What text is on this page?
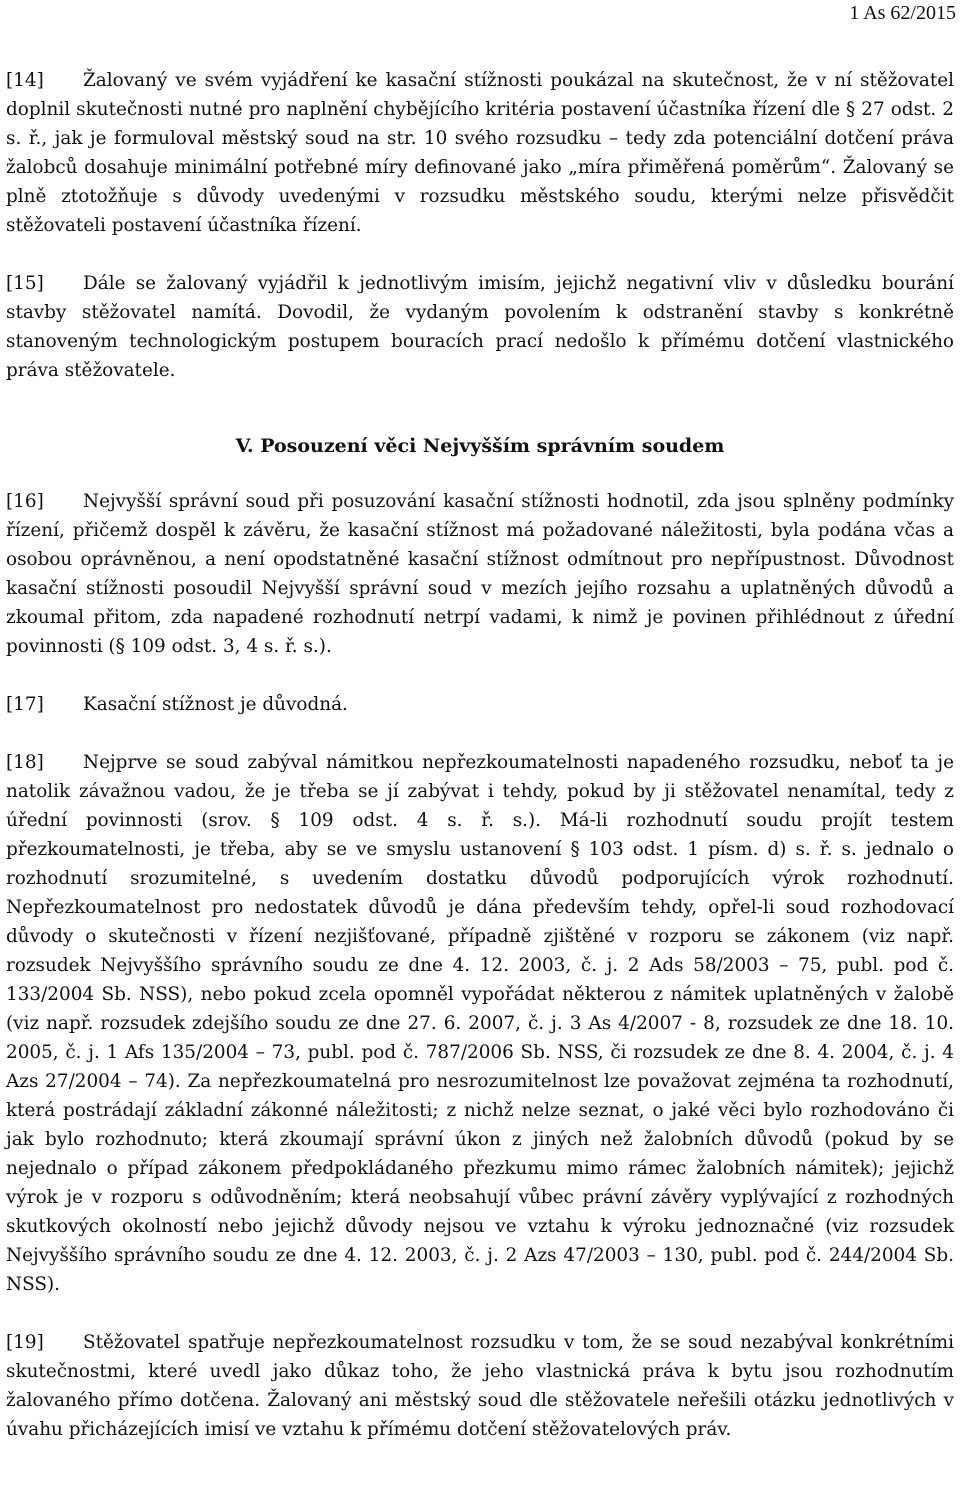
1 As 62/2015

[14] Žalovaný ve svém vyjádření ke kasační stížnosti poukázal na skutečnost, že v ní stěžovatel doplnil skutečnosti nutné pro naplnění chybějícího kritéria postavení účastníka řízení dle § 27 odst. 2 s. ř., jak je formuloval městský soud na str. 10 svého rozsudku – tedy zda potenciální dotčení práva žalobců dosahuje minimální potřebné míry definované jako „míra přiměřená poměrům“. Žalovaný se plně ztotožňuje s důvody uvedenými v rozsudku městského soudu, kterými nelze přisvědčit stěžovateli postavení účastníka řízení.

[15] Dále se žalovaný vyjádřil k jednotlivým imisím, jejichž negativní vliv v důsledku bourání stavby stěžovatel namítá. Dovodil, že vydaným povolením k odstranění stavby s konkrétně stanoveným technologickým postupem bouracích prací nedošlo k přímému dotčení vlastnického práva stěžovatele.

V. Posouzení věci Nejvyšším správním soudem

[16] Nejvyšší správní soud při posuzování kasační stížnosti hodnotil, zda jsou splněny podmínky řízení, přičemž dospěl k závěru, že kasační stížnost má požadované náležitosti, byla podána včas a osobou oprávněnou, a není opodstatněné kasační stížnost odmítnout pro nepřípustnost. Důvodnost kasační stížnosti posoudil Nejvyšší správní soud v mezích jejího rozsahu a uplatněných důvodů a zkoumal přitom, zda napadené rozhodnutí netrpí vadami, k nimž je povinen přihlédnout z úřední povinnosti (§ 109 odst. 3, 4 s. ř. s.).

[17] Kasační stížnost je důvodná.

[18] Nejprve se soud zabýval námitkou nepřezkoumatelnosti napadeného rozsudku, neboť ta je natolik závažnou vadou, že je třeba se jí zabývat i tehdy, pokud by ji stěžovatel nenamítal, tedy z úřední povinnosti (srov. § 109 odst. 4 s. ř. s.). Má-li rozhodnutí soudu projít testem přezkoumatelnosti, je třeba, aby se ve smyslu ustanovení § 103 odst. 1 písm. d) s. ř. s. jednalo o rozhodnutí srozumitelné, s uvedením dostatku důvodů podporujících výrok rozhodnutí. Nepřezkoumatelnost pro nedostatek důvodů je dána především tehdy, opřel-li soud rozhodovací důvody o skutečnosti v řízení nezjišťované, případně zjištěné v rozporu se zákonem (viz např. rozsudek Nejvyššího správního soudu ze dne 4. 12. 2003, č. j. 2 Ads 58/2003 – 75, publ. pod č. 133/2004 Sb. NSS), nebo pokud zcela opomněl vypořádat některou z námitek uplatněných v žalobě (viz např. rozsudek zdejšího soudu ze dne 27. 6. 2007, č. j. 3 As 4/2007 - 8, rozsudek ze dne 18. 10. 2005, č. j. 1 Afs 135/2004 – 73, publ. pod č. 787/2006 Sb. NSS, či rozsudek ze dne 8. 4. 2004, č. j. 4 Azs 27/2004 – 74). Za nepřezkoumatelná pro nesrozumitelnost lze považovat zejména ta rozhodnutí, která postrádají základní zákonné náležitosti; z nichž nelze seznat, o jaké věci bylo rozhodováno či jak bylo rozhodnuto; která zkoumají správní úkon z jiných než žalobních důvodů (pokud by se nejednalo o případ zákonem předpokládaného přezkumu mimo rámec žalobních námitek); jejichž výrok je v rozporu s odůvodněním; která neobsahují vůbec právní závěry vyplývající z rozhodných skutkových okolností nebo jejichž důvody nejsou ve vztahu k výroku jednoznačné (viz rozsudek Nejvyššího správního soudu ze dne 4. 12. 2003, č. j. 2 Azs 47/2003 – 130, publ. pod č. 244/2004 Sb. NSS).

[19] Stěžovatel spatřuje nepřezkoumatelnost rozsudku v tom, že se soud nezabýval konkrétními skutečnostmi, které uvedl jako důkaz toho, že jeho vlastnická práva k bytu jsou rozhodnutím žalovaného přímo dotčena. Žalovaný ani městský soud dle stěžovatele neřešili otázku jednotlivých v úvahu přicházejících imisí ve vztahu k přímému dotčení stěžovatelových práv.
